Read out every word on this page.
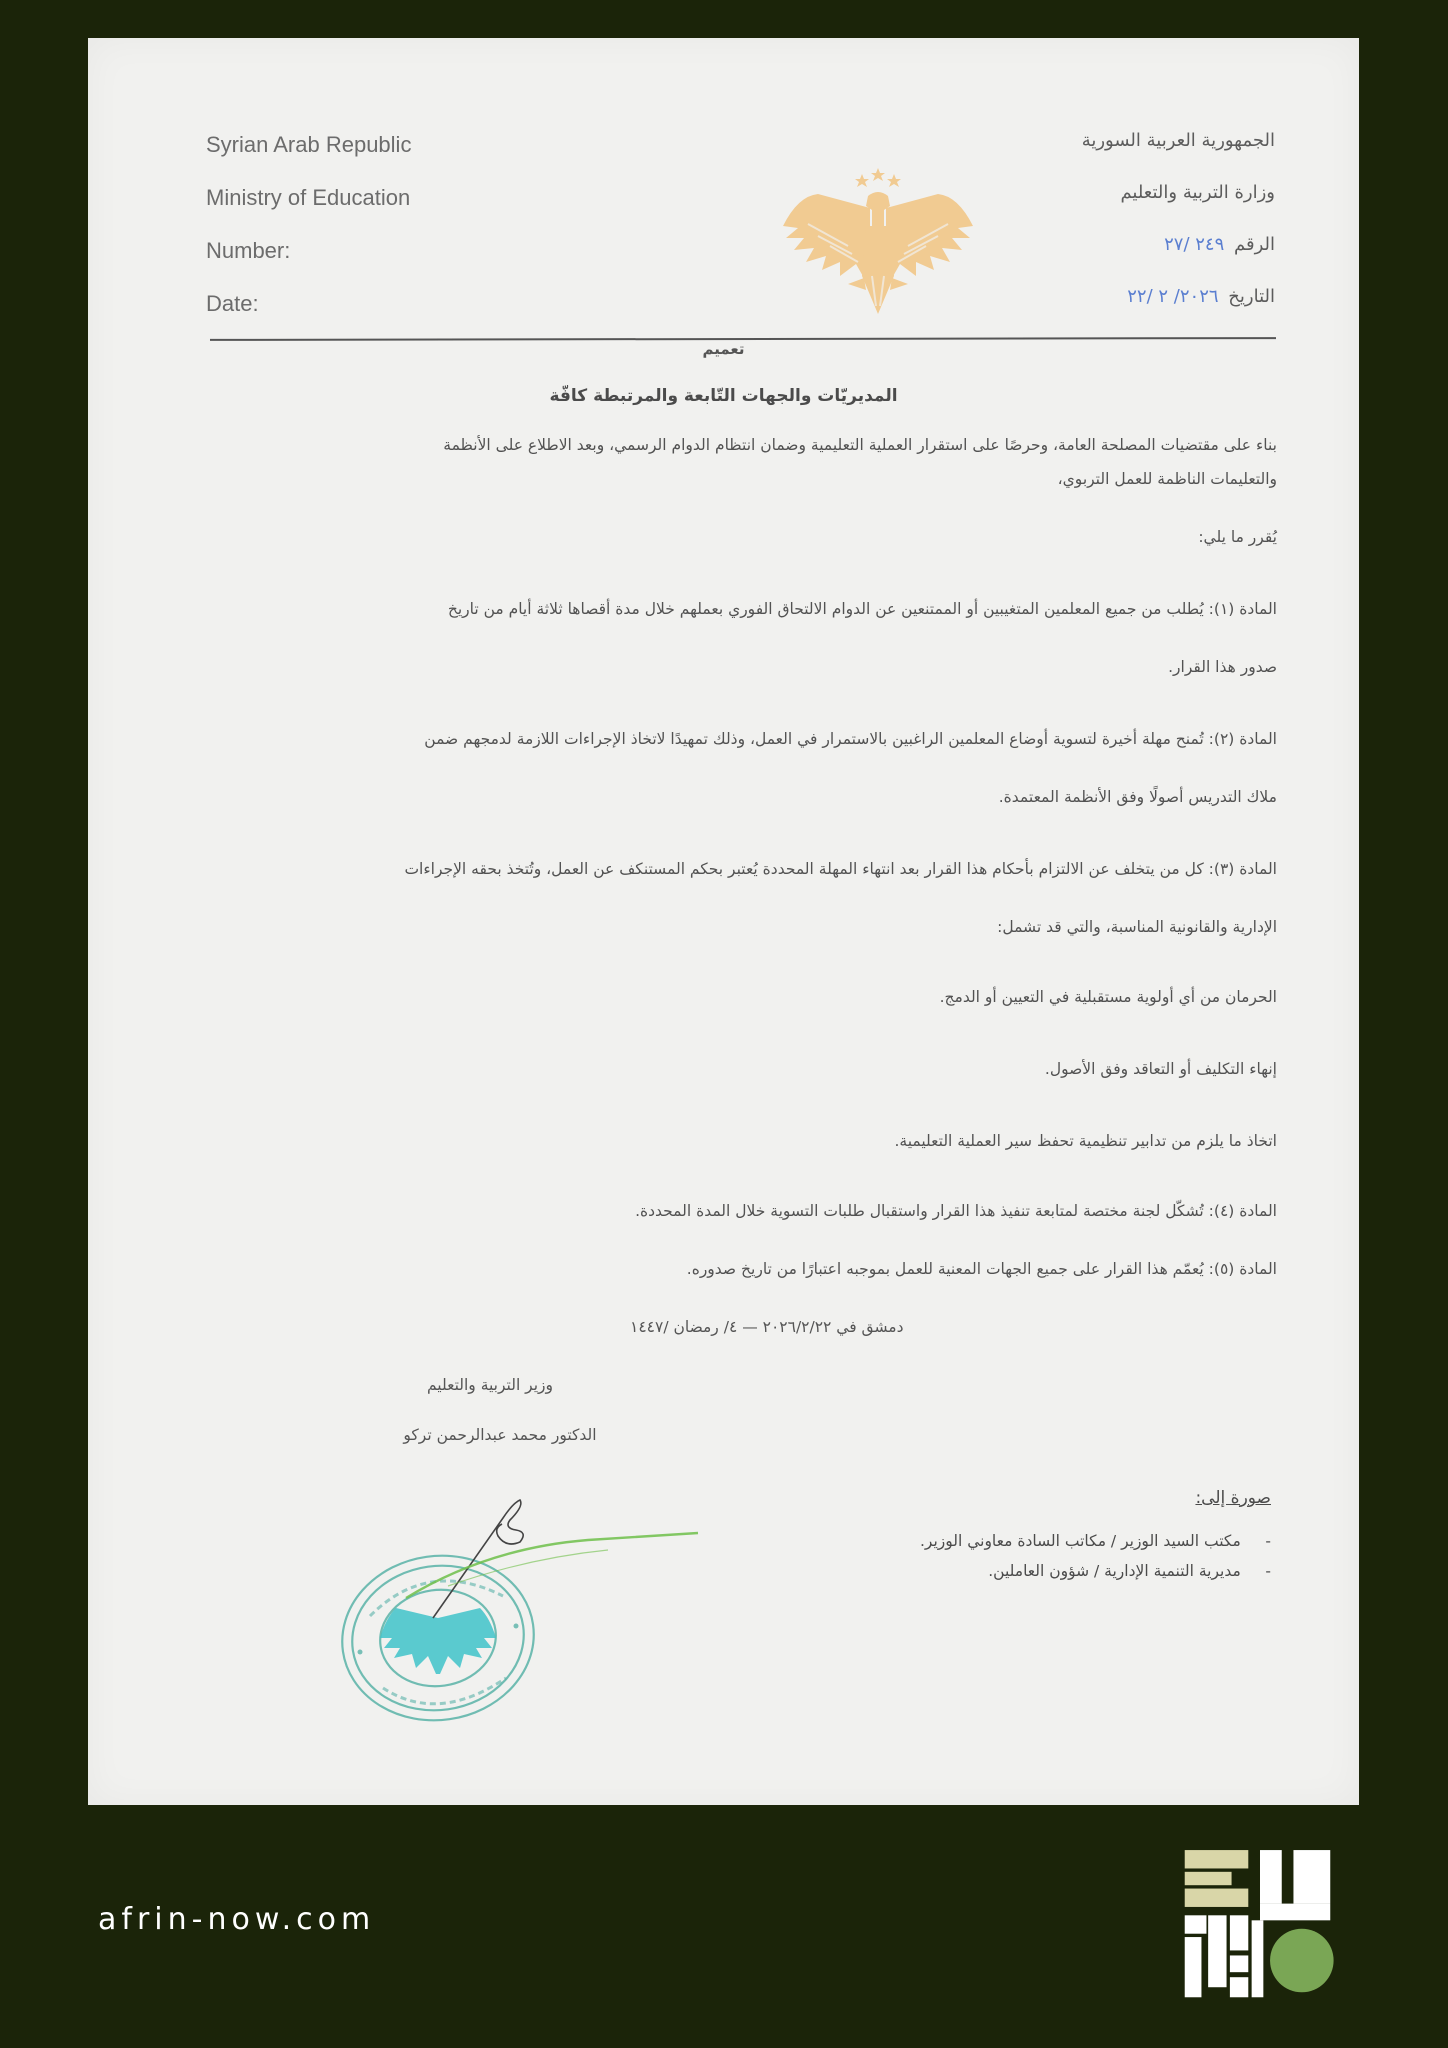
Syrian Arab Republic
Ministry of Education
Number:
Date:
الجمهورية العربية السورية
وزارة التربية والتعليم
الرقم ٢٤٩ /٢٧
التاريخ ٢٠٢٦/ ٢ /٢٢
تعميم
المديريّات والجهات التّابعة والمرتبطة كافّة
بناء على مقتضيات المصلحة العامة، وحرصًا على استقرار العملية التعليمية وضمان انتظام الدوام الرسمي، وبعد الاطلاع على الأنظمة
والتعليمات الناظمة للعمل التربوي،
يُقرر ما يلي:
المادة (١): يُطلب من جميع المعلمين المتغيبين أو الممتنعين عن الدوام الالتحاق الفوري بعملهم خلال مدة أقصاها ثلاثة أيام من تاريخ
صدور هذا القرار.
المادة (٢): تُمنح مهلة أخيرة لتسوية أوضاع المعلمين الراغبين بالاستمرار في العمل، وذلك تمهيدًا لاتخاذ الإجراءات اللازمة لدمجهم ضمن
ملاك التدريس أصولًا وفق الأنظمة المعتمدة.
المادة (٣): كل من يتخلف عن الالتزام بأحكام هذا القرار بعد انتهاء المهلة المحددة يُعتبر بحكم المستنكف عن العمل، وتُتخذ بحقه الإجراءات
الإدارية والقانونية المناسبة، والتي قد تشمل:
الحرمان من أي أولوية مستقبلية في التعيين أو الدمج.
إنهاء التكليف أو التعاقد وفق الأصول.
اتخاذ ما يلزم من تدابير تنظيمية تحفظ سير العملية التعليمية.
المادة (٤): تُشكّل لجنة مختصة لمتابعة تنفيذ هذا القرار واستقبال طلبات التسوية خلال المدة المحددة.
المادة (٥): يُعمّم هذا القرار على جميع الجهات المعنية للعمل بموجبه اعتبارًا من تاريخ صدوره.
دمشق في ٢٠٢٦/٢/٢٢ — ٤/ رمضان /١٤٤٧
وزير التربية والتعليم
الدكتور محمد عبدالرحمن تركو
صورة إلى:
-     مكتب السيد الوزير / مكاتب السادة معاوني الوزير.
-     مديرية التنمية الإدارية / شؤون العاملين.
afrin-now.com
